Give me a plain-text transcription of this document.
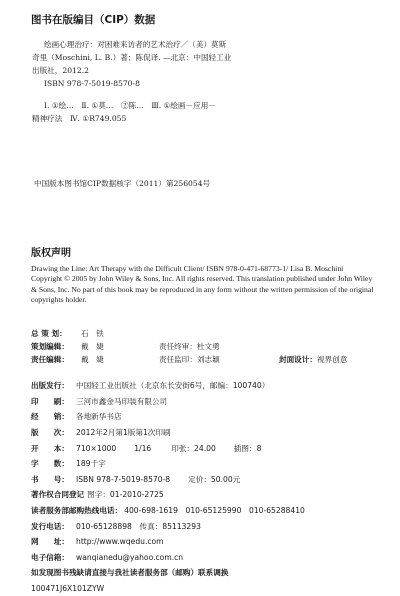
图书在版编目（CIP）数据
绘画心理治疗：对困难来访者的艺术治疗／（美）莫斯
奇里（Moschini, L. B.）著；陈侃译. —北京：中国轻工业
出版社，2012.2
ISBN 978-7-5019-8570-8
Ⅰ. ①绘…　Ⅱ. ①莫…　②陈…　Ⅲ. ①绘画－应用－
精神疗法　Ⅳ. ①R749.055
中国版本图书馆CIP数据核字（2011）第256054号
版权声明
Drawing the Line: Art Therapy with the Difficult Client/ ISBN 978-0-471-68773-1/ Lisa B. Moschini Copyright © 2005 by John Wiley & Sons, Inc. All rights reserved. This translation published under John Wiley & Sons, Inc. No part of this book may be reproduced in any form without the written permission of the original copyrights holder.
总 策 划：	石　铁
策划编辑：	戴　婕	责任终审： 杜文勇
责任编辑：	戴　婕	责任监印： 刘志颖	封面设计： 视界创意
出版发行： 中国轻工业出版社（北京东长安街6号，邮编：100740）
印　　刷： 三河市鑫金马印装有限公司
经　　销： 各地新华书店
版　　次： 2012年2月第1版第1次印刷
开　　本： 710×1000 1/16	印张： 24.00 插图： 8
字　　数： 189千字
书　　号： ISBN 978-7-5019-8570-8 定价： 50.00元
著作权合同登记 图字：01-2010-2725
读者服务部邮购热线电话： 400-698-1619　010-65125990　010-65288410
发行电话： 010-65128898　传真：85113293
网　　址： http://www.wqedu.com
电子信箱： wanqianedu@yahoo.com.cn
如发现图书残缺请直接与我社读者服务部（邮购）联系调换
100471J6X101ZYW
